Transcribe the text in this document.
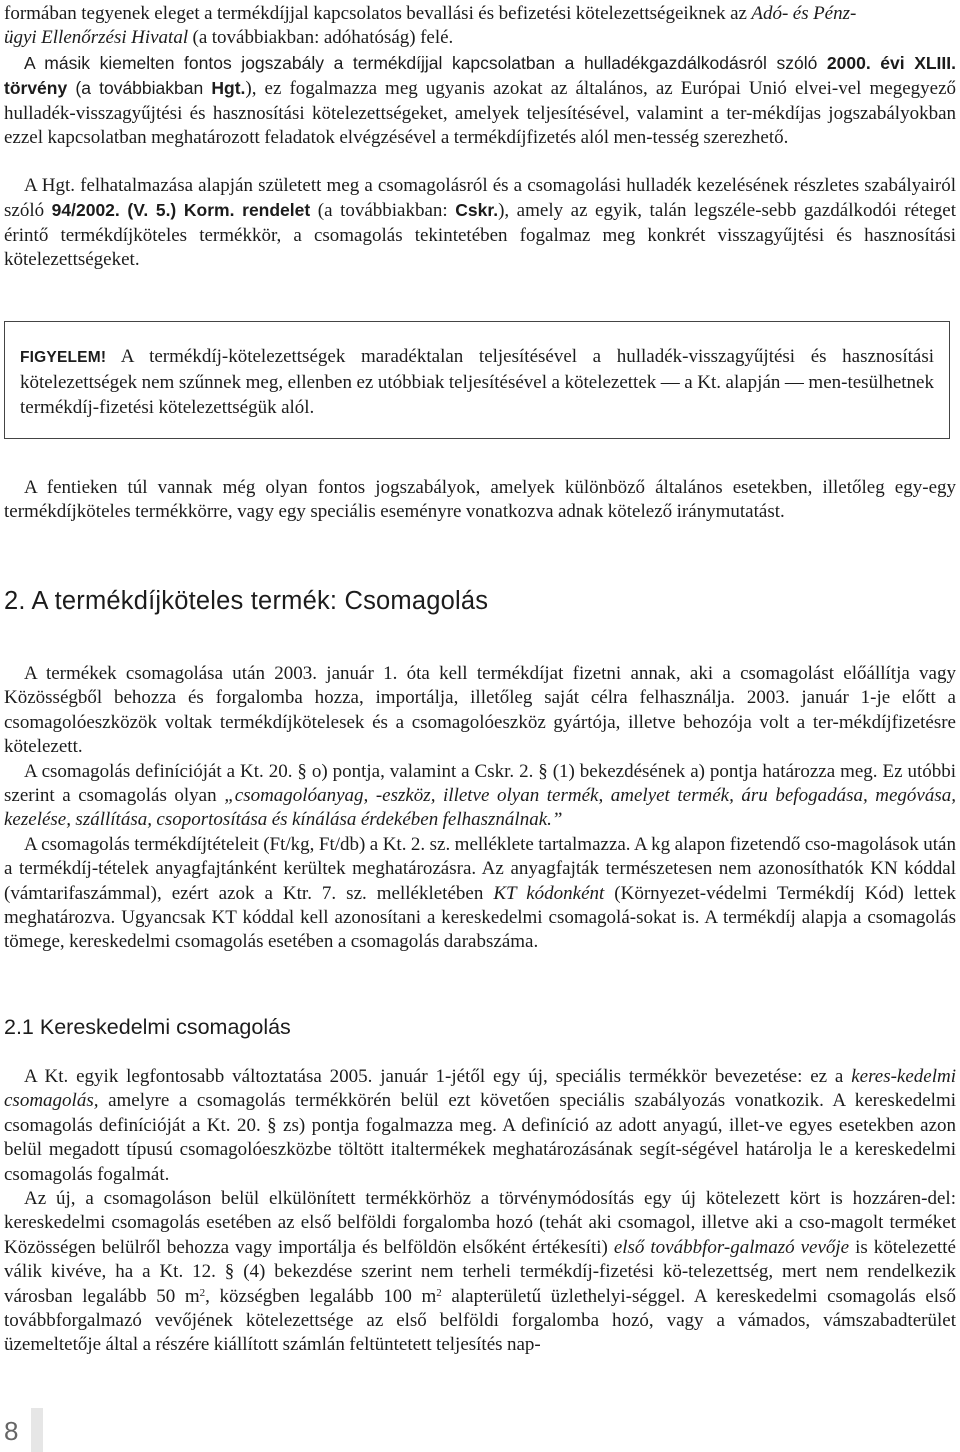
formában tegyenek eleget a termékdíjjal kapcsolatos bevallási és befizetési kötelezettségeiknek az Adó- és Pénz-
ügyi Ellenőrzési Hivatal (a továbbiakban: adóhatóság) felé.

A másik kiemelten fontos jogszabály a termékdíjjal kapcsolatban a hulladékgazdálkodásról szóló 2000. évi XLIII. törvény (a továbbiakban Hgt.), ez fogalmazza meg ugyanis azokat az általános, az Európai Unió elvei-vel megegyező hulladék-visszagyűjtési és hasznosítási kötelezettségeket, amelyek teljesítésével, valamint a ter-mékdíjas jogszabályokban ezzel kapcsolatban meghatározott feladatok elvégzésével a termékdíjfizetés alól men-tesség szerezhető.

A Hgt. felhatalmazása alapján született meg a csomagolásról és a csomagolási hulladék kezelésének részletes szabályairól szóló 94/2002. (V. 5.) Korm. rendelet (a továbbiakban: Cskr.), amely az egyik, talán legszéle-sebb gazdálkodói réteget érintő termékdíjköteles termékkör, a csomagolás tekintetében fogalmaz meg konkrét visszagyűjtési és hasznosítási kötelezettségeket.

FIGYELEM! A termékdíj-kötelezettségek maradéktalan teljesítésével a hulladék-visszagyűjtési és hasznosítási kötelezettségek nem szűnnek meg, ellenben ez utóbbiak teljesítésével a kötelezettek — a Kt. alapján — men-tesülhetnek termékdíj-fizetési kötelezettségük alól.

A fentieken túl vannak még olyan fontos jogszabályok, amelyek különböző általános esetekben, illetőleg egy-egy termékdíjköteles termékkörre, vagy egy speciális eseményre vonatkozva adnak kötelező iránymutatást.

2. A termékdíjköteles termék: Csomagolás

A termékek csomagolása után 2003. január 1. óta kell termékdíjat fizetni annak, aki a csomagolást előállítja vagy Közösségből behozza és forgalomba hozza, importálja, illetőleg saját célra felhasználja. 2003. január 1-je előtt a csomagolóeszközök voltak termékdíjkötelesek és a csomagolóeszköz gyártója, illetve behozója volt a ter-mékdíjfizetésre kötelezett.

A csomagolás definícióját a Kt. 20. § o) pontja, valamint a Cskr. 2. § (1) bekezdésének a) pontja határozza meg. Ez utóbbi szerint a csomagolás olyan „csomagolóanyag, -eszköz, illetve olyan termék, amelyet termék, áru befogadása, megóvása, kezelése, szállítása, csoportosítása és kínálása érdekében felhasználnak.”

A csomagolás termékdíjtételeit (Ft/kg, Ft/db) a Kt. 2. sz. melléklete tartalmazza. A kg alapon fizetendő cso-magolások után a termékdíj-tételek anyagfajtánként kerültek meghatározásra. Az anyagfajták természetesen nem azonosíthatók KN kóddal (vámtarifaszámmal), ezért azok a Ktr. 7. sz. mellékletében KT kódonként (Környezet-védelmi Termékdíj Kód) lettek meghatározva. Ugyancsak KT kóddal kell azonosítani a kereskedelmi csomagolá-sokat is. A termékdíj alapja a csomagolás tömege, kereskedelmi csomagolás esetében a csomagolás darabszáma.

2.1 Kereskedelmi csomagolás

A Kt. egyik legfontosabb változtatása 2005. január 1-jétől egy új, speciális termékkör bevezetése: ez a keres-kedelmi csomagolás, amelyre a csomagolás termékkörén belül ezt követően speciális szabályozás vonatkozik. A kereskedelmi csomagolás definícióját a Kt. 20. § zs) pontja fogalmazza meg. A definíció az adott anyagú, illet-ve egyes esetekben azon belül megadott típusú csomagolóeszközbe töltött italtermékek meghatározásának segít-ségével határolja le a kereskedelmi csomagolás fogalmát.

Az új, a csomagoláson belül elkülönített termékkörhöz a törvénymódosítás egy új kötelezett kört is hozzáren-del: kereskedelmi csomagolás esetében az első belföldi forgalomba hozó (tehát aki csomagol, illetve aki a cso-magolt terméket Közösségen belülről behozza vagy importálja és belföldön elsőként értékesíti) első továbbfor-galmazó vevője is kötelezetté válik kivéve, ha a Kt. 12. § (4) bekezdése szerint nem terheli termékdíj-fizetési kö-telezettség, mert nem rendelkezik városban legalább 50 $m^2$, községben legalább 100 $m^2$ alapterületű üzlethelyi-séggel. A kereskedelmi csomagolás első továbbforgalmazó vevőjének kötelezettsége az első belföldi forgalomba hozó, vagy a vámados, vámszabadterület üzemeltetője által a részére kiállított számlán feltüntetett teljesítés nap-

8
